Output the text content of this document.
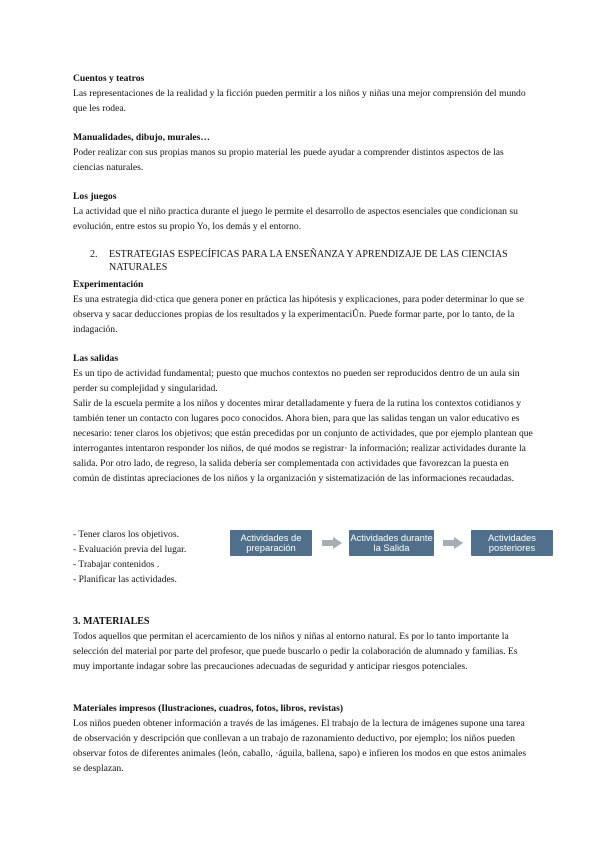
Cuentos y teatros
Las representaciones de la realidad y la ficción pueden permitir a los niños y niñas una mejor comprensión del mundo que les rodea.
Manualidades, dibujo, murales…
Poder realizar con sus propias manos su propio material les puede ayudar a comprender distintos aspectos de las ciencias naturales.
Los juegos
La actividad que el niño practica durante el juego le permite el desarrollo de aspectos esenciales que condicionan su evolución, entre estos su propio Yo, los demás y el entorno.
2. ESTRATEGIAS ESPECÍFICAS PARA LA ENSEÑANZA Y APRENDIZAJE DE LAS CIENCIAS NATURALES
Experimentación
Es una estrategia did·ctica que genera poner en práctica las hipótesis y explicaciones, para poder determinar lo que se observa y sacar deducciones propias de los resultados y la experimentaciÛn. Puede formar parte, por lo tanto, de la indagación.
Las salidas
Es un tipo de actividad fundamental; puesto que muchos contextos no pueden ser reproducidos dentro de un aula sin perder su complejidad y singularidad.
Salir de la escuela permite a los niños y docentes mirar detalladamente y fuera de la rutina los contextos cotidianos y también tener un contacto con lugares poco conocidos. Ahora bien, para que las salidas tengan un valor educativo es necesario: tener claros los objetivos; que están precedidas por un conjunto de actividades, que por ejemplo plantean que interrogantes intentaron responder los niños, de qué modos se registrar· la información; realizar actividades durante la salida. Por otro lado, de regreso, la salida debería ser complementada con actividades que favorezcan la puesta en común de distintas apreciaciones de los niños y la organización y sistematización de las informaciones recaudadas.
- Tener claros los objetivos.
- Evaluación previa del lugar.
- Trabajar contenidos .
- Planificar las actividades.
Actividades de preparación
Actividades durante la Salida
Actividades posteriores
3. MATERIALES
Todos aquellos que permitan el acercamiento de los niños y niñas al entorno natural. Es por lo tanto importante la selección del material por parte del profesor, que puede buscarlo o pedir la colaboración de alumnado y familias. Es muy importante indagar sobre las precauciones adecuadas de seguridad y anticipar riesgos potenciales.
Materiales impresos (Ilustraciones, cuadros, fotos, libros, revistas)
Los niños pueden obtener información a través de las imágenes. El trabajo de la lectura de imágenes supone una tarea de observación y descripción que conllevan a un trabajo de razonamiento deductivo, por ejemplo; los niños pueden observar fotos de diferentes animales (león, caballo, ·águila, ballena, sapo) e infieren los modos en que estos animales se desplazan.
